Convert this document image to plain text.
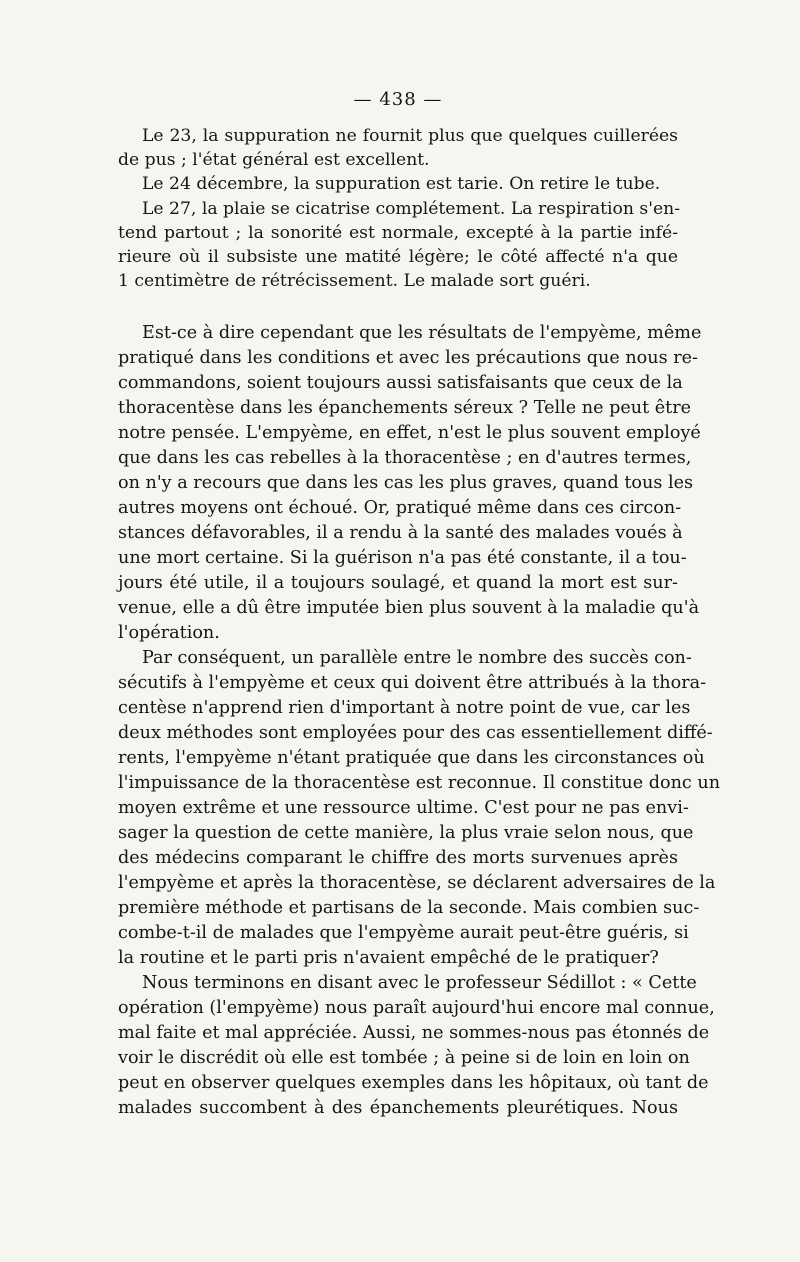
— 438 —
Le 23, la suppuration ne fournit plus que quelques cuillerées
de pus ; l'état général est excellent.
Le 24 décembre, la suppuration est tarie. On retire le tube.
Le 27, la plaie se cicatrise complétement. La respiration s'en-
tend partout ; la sonorité est normale, excepté à la partie infé-
rieure où il subsiste une matité légère; le côté affecté n'a que
1 centimètre de rétrécissement. Le malade sort guéri.
Est-ce à dire cependant que les résultats de l'empyème, même
pratiqué dans les conditions et avec les précautions que nous re-
commandons, soient toujours aussi satisfaisants que ceux de la
thoracentèse dans les épanchements séreux ? Telle ne peut être
notre pensée. L'empyème, en effet, n'est le plus souvent employé
que dans les cas rebelles à la thoracentèse ; en d'autres termes,
on n'y a recours que dans les cas les plus graves, quand tous les
autres moyens ont échoué. Or, pratiqué même dans ces circon-
stances défavorables, il a rendu à la santé des malades voués à
une mort certaine. Si la guérison n'a pas été constante, il a tou-
jours été utile, il a toujours soulagé, et quand la mort est sur-
venue, elle a dû être imputée bien plus souvent à la maladie qu'à
l'opération.
Par conséquent, un parallèle entre le nombre des succès con-
sécutifs à l'empyème et ceux qui doivent être attribués à la thora-
centèse n'apprend rien d'important à notre point de vue, car les
deux méthodes sont employées pour des cas essentiellement diffé-
rents, l'empyème n'étant pratiquée que dans les circonstances où
l'impuissance de la thoracentèse est reconnue. Il constitue donc un
moyen extrême et une ressource ultime. C'est pour ne pas envi-
sager la question de cette manière, la plus vraie selon nous, que
des médecins comparant le chiffre des morts survenues après
l'empyème et après la thoracentèse, se déclarent adversaires de la
première méthode et partisans de la seconde. Mais combien suc-
combe-t-il de malades que l'empyème aurait peut-être guéris, si
la routine et le parti pris n'avaient empêché de le pratiquer?
Nous terminons en disant avec le professeur Sédillot : « Cette
opération (l'empyème) nous paraît aujourd'hui encore mal connue,
mal faite et mal appréciée. Aussi, ne sommes-nous pas étonnés de
voir le discrédit où elle est tombée ; à peine si de loin en loin on
peut en observer quelques exemples dans les hôpitaux, où tant de
malades succombent à des épanchements pleurétiques. Nous
